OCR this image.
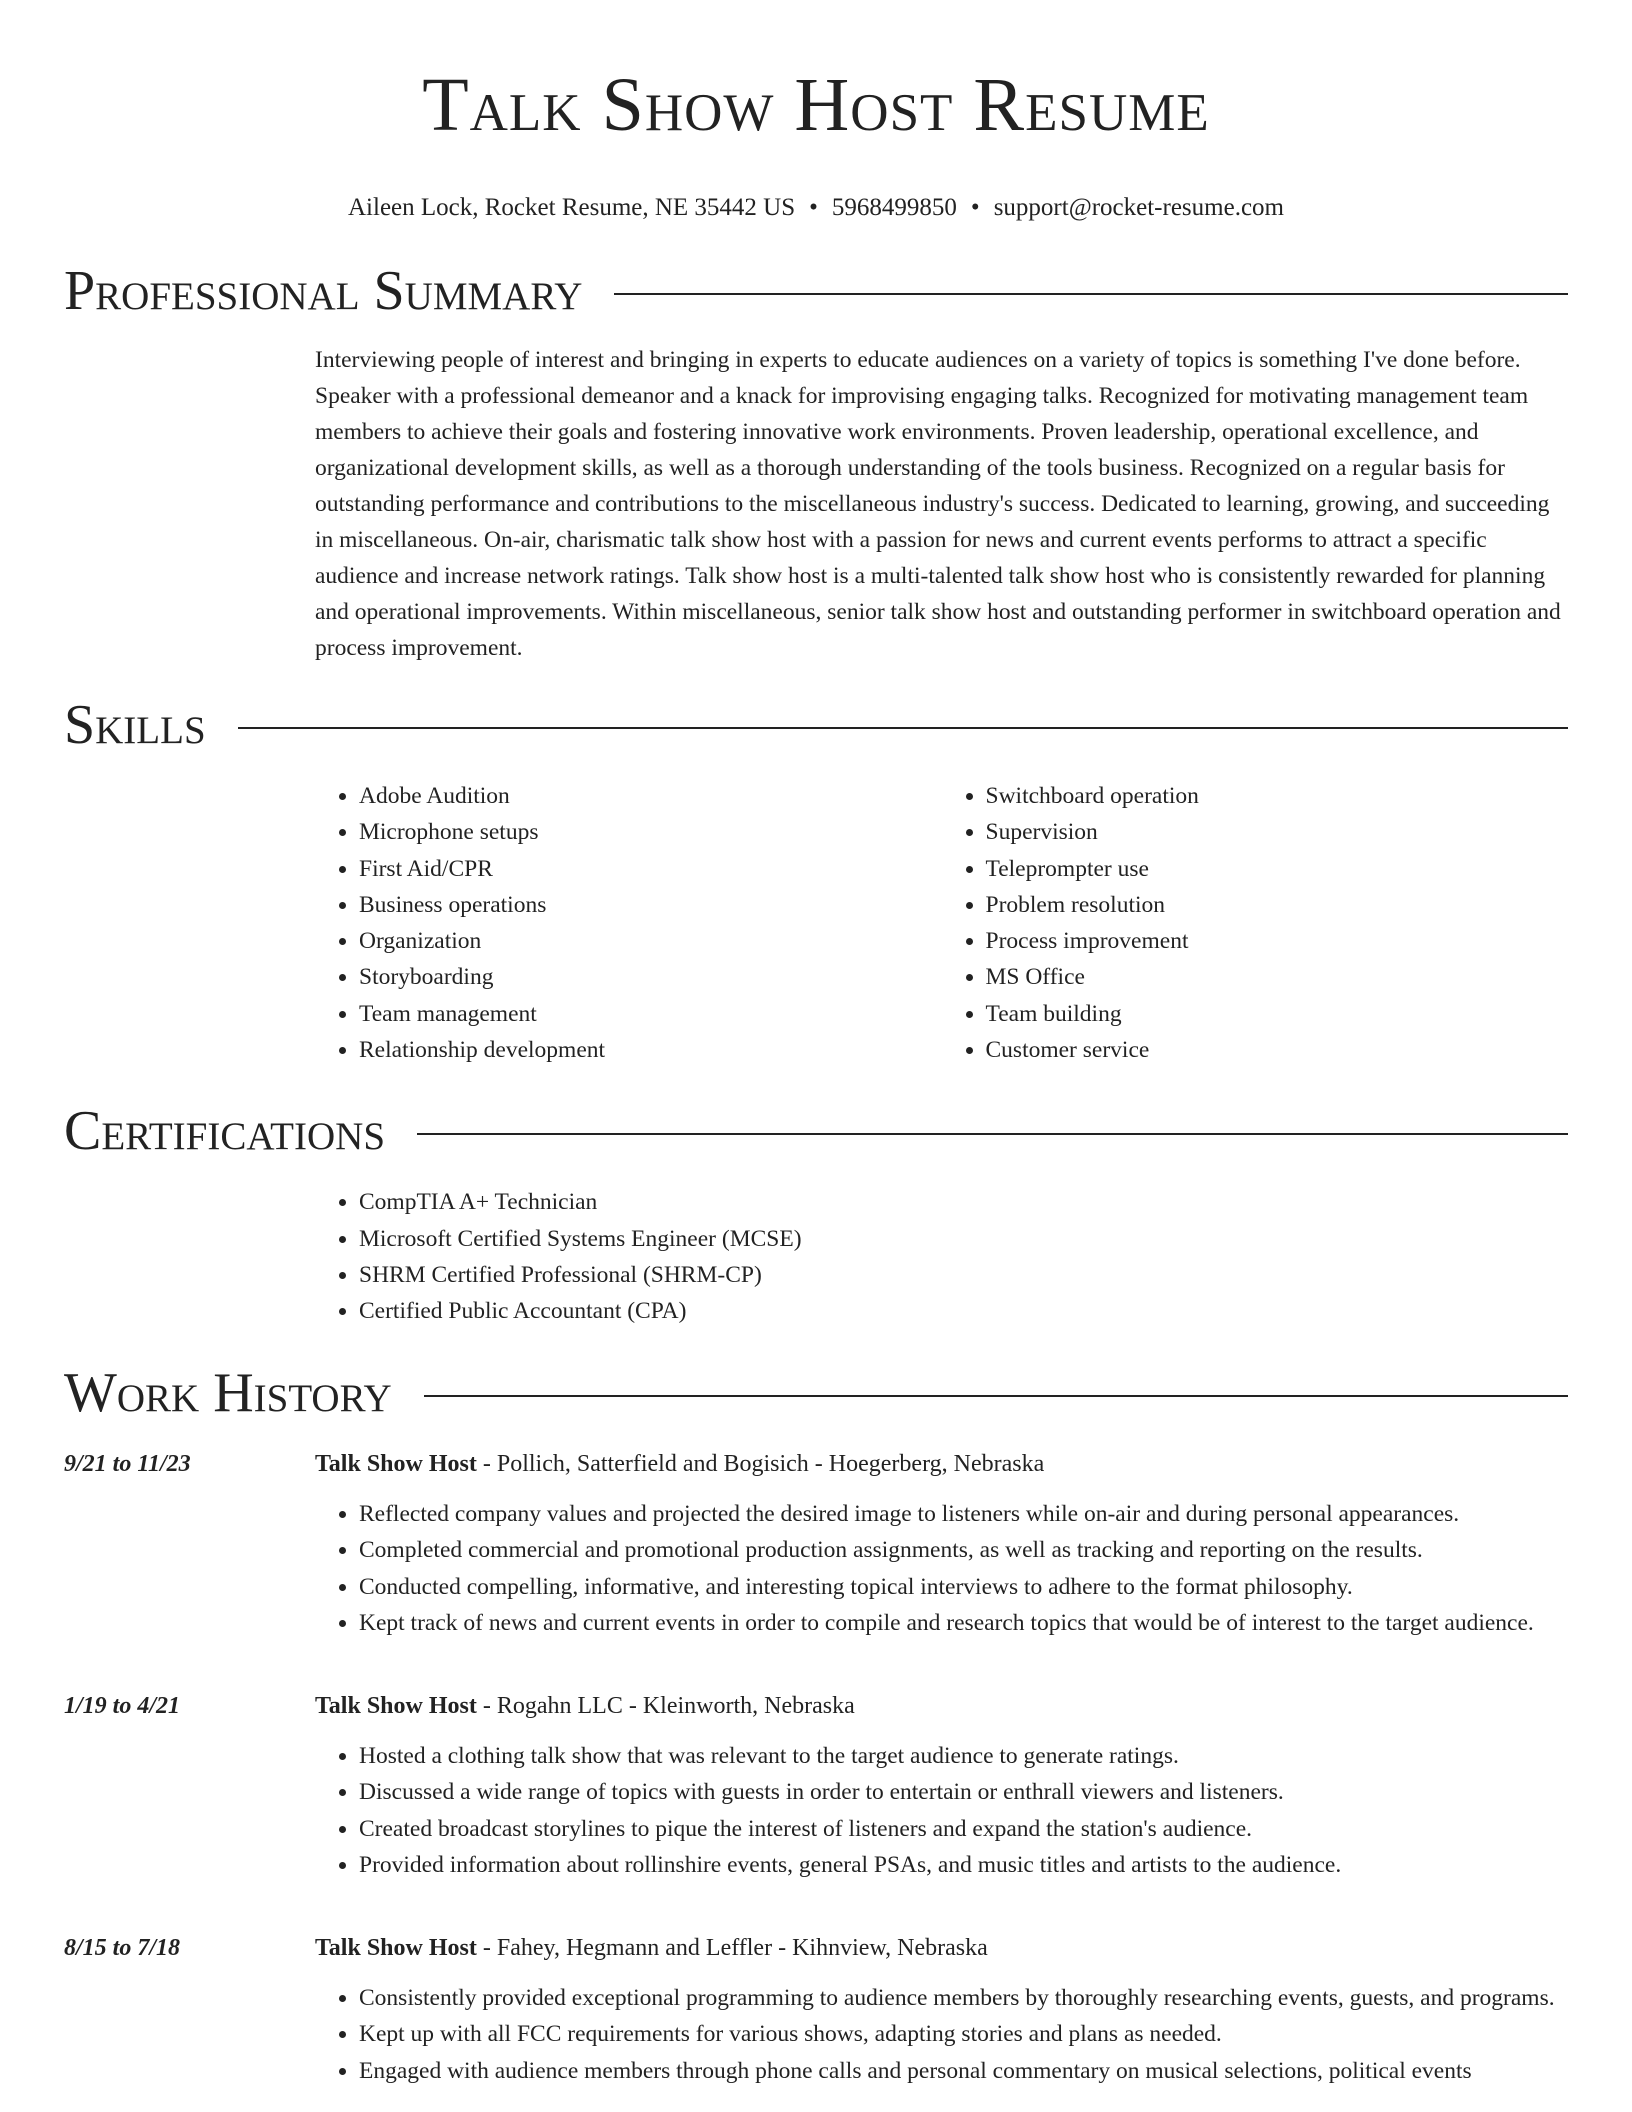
Talk Show Host Resume
Aileen Lock, Rocket Resume, NE 35442 US • 5968499850 • support@rocket-resume.com
Professional Summary

Interviewing people of interest and bringing in experts to educate audiences on a variety of topics is something I've done before. Speaker with a professional demeanor and a knack for improvising engaging talks. Recognized for motivating management team members to achieve their goals and fostering innovative work environments. Proven leadership, operational excellence, and organizational development skills, as well as a thorough understanding of the tools business. Recognized on a regular basis for outstanding performance and contributions to the miscellaneous industry's success. Dedicated to learning, growing, and succeeding in miscellaneous. On-air, charismatic talk show host with a passion for news and current events performs to attract a specific audience and increase network ratings. Talk show host is a multi-talented talk show host who is consistently rewarded for planning and operational improvements. Within miscellaneous, senior talk show host and outstanding performer in switchboard operation and process improvement.

Skills
• Adobe Audition
• Microphone setups
• First Aid/CPR
• Business operations
• Organization
• Storyboarding
• Team management
• Relationship development
• Switchboard operation
• Supervision
• Teleprompter use
• Problem resolution
• Process improvement
• MS Office
• Team building
• Customer service
Certifications
• CompTIA A+ Technician
• Microsoft Certified Systems Engineer (MCSE)
• SHRM Certified Professional (SHRM-CP)
• Certified Public Accountant (CPA)
Work History
9/21 to 11/23	Talk Show Host - Pollich, Satterfield and Bogisich - Hoegerberg, Nebraska
• Reflected company values and projected the desired image to listeners while on-air and during personal appearances.
• Completed commercial and promotional production assignments, as well as tracking and reporting on the results.
• Conducted compelling, informative, and interesting topical interviews to adhere to the format philosophy.
• Kept track of news and current events in order to compile and research topics that would be of interest to the target audience.
1/19 to 4/21	Talk Show Host - Rogahn LLC - Kleinworth, Nebraska
• Hosted a clothing talk show that was relevant to the target audience to generate ratings.
• Discussed a wide range of topics with guests in order to entertain or enthrall viewers and listeners.
• Created broadcast storylines to pique the interest of listeners and expand the station's audience.
• Provided information about rollinshire events, general PSAs, and music titles and artists to the audience.
8/15 to 7/18	Talk Show Host - Fahey, Hegmann and Leffler - Kihnview, Nebraska
• Consistently provided exceptional programming to audience members by thoroughly researching events, guests, and programs.
• Kept up with all FCC requirements for various shows, adapting stories and plans as needed.
• Engaged with audience members through phone calls and personal commentary on musical selections, political events
